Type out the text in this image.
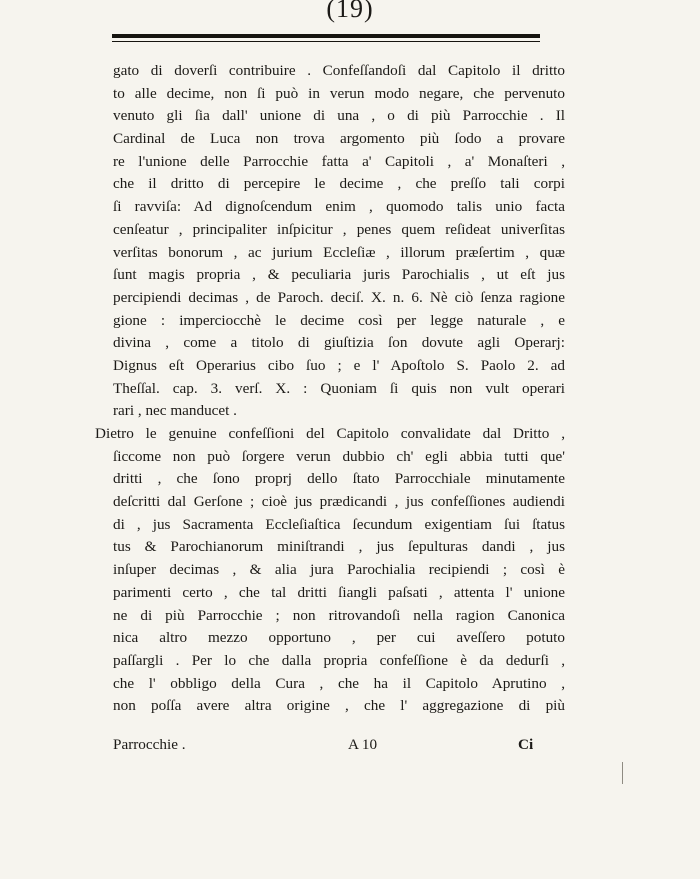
(19)
gato di doverſi contribuire . Confeſſandoſi dal Capitolo il dritto
to alle decime, non ſi può in verun modo negare, che pervenuto
venuto gli ſia dall' unione di una , o di più Parrocchie . Il
Cardinal de Luca non trova argomento più ſodo a provare
re l'unione delle Parrocchie fatta a' Capitoli , a' Monaſteri ,
che il dritto di percepire le decime , che preſſo tali corpi
ſi ravviſa: Ad dignoſcendum enim , quomodo talis unio facta
cenſeatur , principaliter inſpicitur , penes quem reſideat univerſitas
verſitas bonorum , ac jurium Eccleſiæ , illorum præſertim , quæ
ſunt magis propria , & peculiaria juris Parochialis , ut eſt jus
percipiendi decimas , de Paroch. deciſ. X. n. 6. Nè ciò ſenza ragione
gione : imperciocchè le decime così per legge naturale , e
divina , come a titolo di giuſtizia ſon dovute agli Operarj:
Dignus eſt Operarius cibo ſuo ; e l' Apoſtolo S. Paolo 2. ad
Theſſal. cap. 3. verſ. X. : Quoniam ſi quis non vult operari
rari , nec manducet .
Dietro le genuine confeſſioni del Capitolo convalidate dal Dritto ,
ſiccome non può ſorgere verun dubbio ch' egli abbia tutti que'
dritti , che ſono proprj dello ſtato Parrocchiale minutamente
deſcritti dal Gerſone ; cioè jus prædicandi , jus confeſſiones audiendi
di , jus Sacramenta Eccleſiaſtica ſecundum exigentiam ſui ſtatus
tus & Parochianorum miniſtrandi , jus ſepulturas dandi , jus
inſuper decimas , & alia jura Parochialia recipiendi ; così è
parimenti certo , che tal dritti ſiangli paſsati , attenta l' unione
ne di più Parrocchie ; non ritrovandoſi nella ragion Canonica
nica altro mezzo opportuno , per cui aveſſero potuto
paſſargli . Per lo che dalla propria confeſſione è da dedurſi ,
che l' obbligo della Cura , che ha il Capitolo Aprutino ,
non poſſa avere altra origine , che l' aggregazione di più
Parrocchie .	A 10	Ci
